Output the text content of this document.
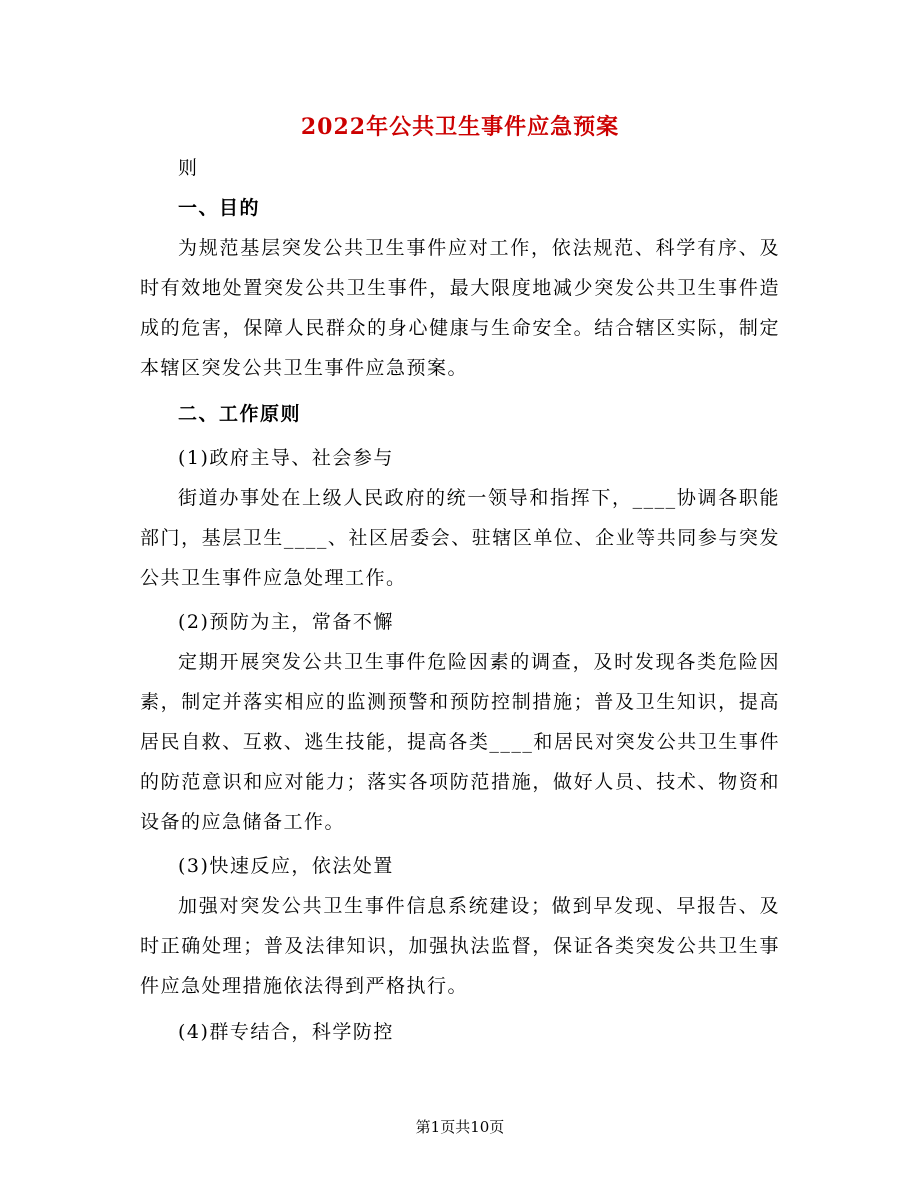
2022年公共卫生事件应急预案

则

一、目的

为规范基层突发公共卫生事件应对工作，依法规范、科学有序、及时有效地处置突发公共卫生事件，最大限度地减少突发公共卫生事件造成的危害，保障人民群众的身心健康与生命安全。结合辖区实际，制定本辖区突发公共卫生事件应急预案。

二、工作原则

(1)政府主导、社会参与

街道办事处在上级人民政府的统一领导和指挥下，____协调各职能部门，基层卫生____、社区居委会、驻辖区单位、企业等共同参与突发公共卫生事件应急处理工作。

(2)预防为主，常备不懈

定期开展突发公共卫生事件危险因素的调查，及时发现各类危险因素，制定并落实相应的监测预警和预防控制措施；普及卫生知识，提高居民自救、互救、逃生技能，提高各类____和居民对突发公共卫生事件的防范意识和应对能力；落实各项防范措施，做好人员、技术、物资和设备的应急储备工作。

(3)快速反应，依法处置

加强对突发公共卫生事件信息系统建设；做到早发现、早报告、及时正确处理；普及法律知识，加强执法监督，保证各类突发公共卫生事件应急处理措施依法得到严格执行。

(4)群专结合，科学防控

第1页共10页
